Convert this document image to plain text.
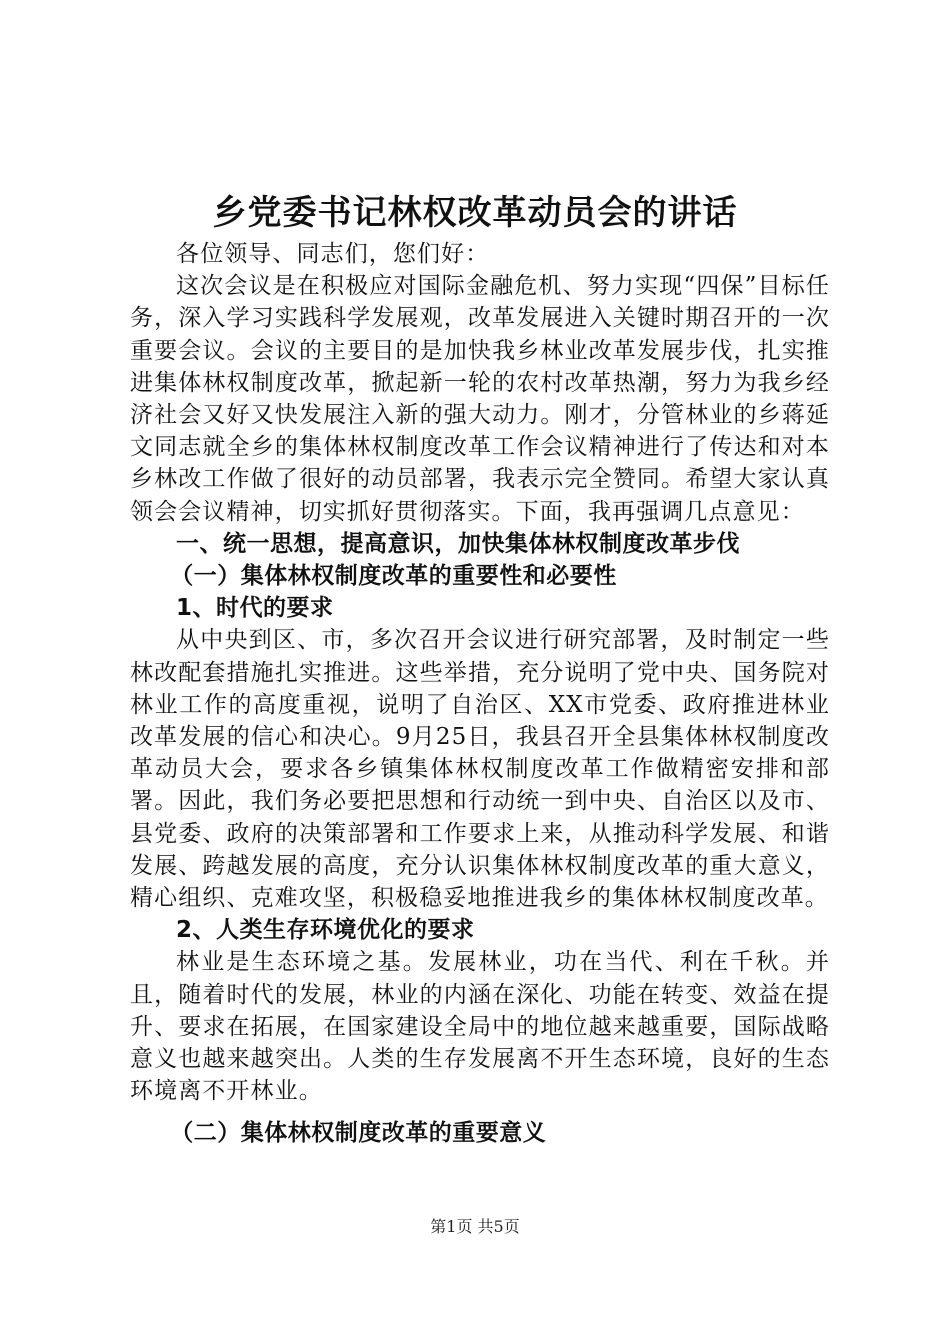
乡党委书记林权改革动员会的讲话

各位领导、同志们，您们好：

这次会议是在积极应对国际金融危机、努力实现“四保”目标任务，深入学习实践科学发展观，改革发展进入关键时期召开的一次重要会议。会议的主要目的是加快我乡林业改革发展步伐，扎实推进集体林权制度改革，掀起新一轮的农村改革热潮，努力为我乡经济社会又好又快发展注入新的强大动力。刚才，分管林业的乡蒋延文同志就全乡的集体林权制度改革工作会议精神进行了传达和对本乡林改工作做了很好的动员部署，我表示完全赞同。希望大家认真领会会议精神，切实抓好贯彻落实。下面，我再强调几点意见：

一、统一思想，提高意识，加快集体林权制度改革步伐

（一）集体林权制度改革的重要性和必要性

1、时代的要求

从中央到区、市，多次召开会议进行研究部署，及时制定一些林改配套措施扎实推进。这些举措，充分说明了党中央、国务院对林业工作的高度重视，说明了自治区、XX市党委、政府推进林业改革发展的信心和决心。9月25日，我县召开全县集体林权制度改革动员大会，要求各乡镇集体林权制度改革工作做精密安排和部署。因此，我们务必要把思想和行动统一到中央、自治区以及市、县党委、政府的决策部署和工作要求上来，从推动科学发展、和谐发展、跨越发展的高度，充分认识集体林权制度改革的重大意义，精心组织、克难攻坚，积极稳妥地推进我乡的集体林权制度改革。

2、人类生存环境优化的要求

林业是生态环境之基。发展林业，功在当代、利在千秋。并且，随着时代的发展，林业的内涵在深化、功能在转变、效益在提升、要求在拓展，在国家建设全局中的地位越来越重要，国际战略意义也越来越突出。人类的生存发展离不开生态环境，良好的生态环境离不开林业。

（二）集体林权制度改革的重要意义

第1页 共5页
